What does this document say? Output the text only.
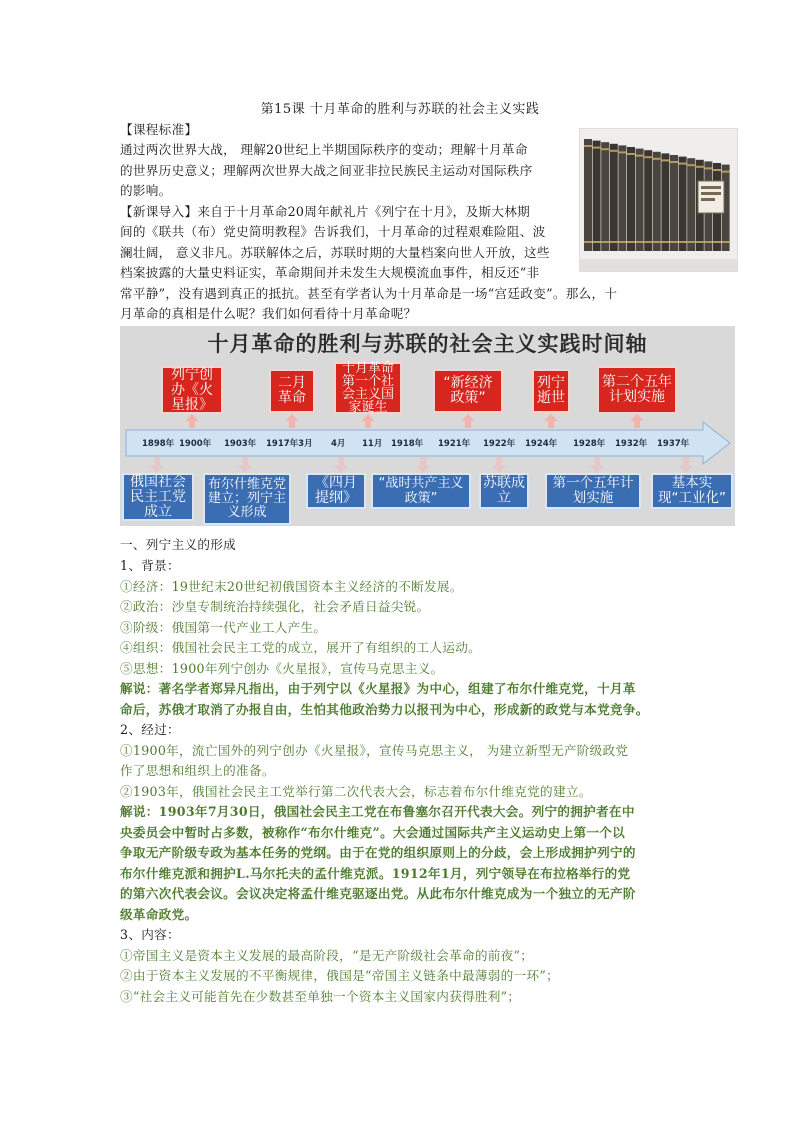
第15课 十月革命的胜利与苏联的社会主义实践
【课程标准】
通过两次世界大战， 理解20世纪上半期国际秩序的变动；理解十月革命
的世界历史意义；理解两次世界大战之间亚非拉民族民主运动对国际秩序
的影响。
【新课导入】来自于十月革命20周年献礼片《列宁在十月》，及斯大林期
间的《联共（布）党史简明教程》告诉我们，十月革命的过程艰难险阻、波
澜壮阔， 意义非凡。苏联解体之后，苏联时期的大量档案向世人开放，这些
档案披露的大量史料证实，革命期间并未发生大规模流血事件，相反还“非
常平静”，没有遇到真正的抵抗。甚至有学者认为十月革命是一场“宫廷政变”。那么，十
月革命的真相是什么呢？我们如何看待十月革命呢？
十月革命的胜利与苏联的社会主义实践时间轴
1898年 1900年 1903年 1917年3月 4月 11月 1918年 1921年 1922年 1924年 1928年 1932年 1937年
列宁创办《火星报》
二月革命
十月革命第一个社会主义国家诞生
“新经济政策”
列宁逝世
第二个五年计划实施
俄国社会民主工党成立
布尔什维克党建立；列宁主义形成
《四月提纲》
“战时共产主义政策”
苏联成立
第一个五年计划实施
基本实现“工业化”
一、列宁主义的形成
1、背景：
①经济：19世纪末20世纪初俄国资本主义经济的不断发展。
②政治：沙皇专制统治持续强化，社会矛盾日益尖锐。
③阶级：俄国第一代产业工人产生。
④组织：俄国社会民主工党的成立，展开了有组织的工人运动。
⑤思想：1900年列宁创办《火星报》，宣传马克思主义。
解说：著名学者郑异凡指出，由于列宁以《火星报》为中心，组建了布尔什维克党，十月革
命后，苏俄才取消了办报自由，生怕其他政治势力以报刊为中心，形成新的政党与本党竞争。
2、经过：
①1900年，流亡国外的列宁创办《火星报》，宣传马克思主义， 为建立新型无产阶级政党
作了思想和组织上的准备。
②1903年，俄国社会民主工党举行第二次代表大会，标志着布尔什维克党的建立。
解说：1903年7月30日，俄国社会民主工党在布鲁塞尔召开代表大会。列宁的拥护者在中
央委员会中暂时占多数，被称作“布尔什维克”。大会通过国际共产主义运动史上第一个以
争取无产阶级专政为基本任务的党纲。由于在党的组织原则上的分歧，会上形成拥护列宁的
布尔什维克派和拥护L.马尔托夫的孟什维克派。1912年1月，列宁领导在布拉格举行的党
的第六次代表会议。会议决定将孟什维克驱逐出党。从此布尔什维克成为一个独立的无产阶
级革命政党。
3、内容：
①帝国主义是资本主义发展的最高阶段，“是无产阶级社会革命的前夜”；
②由于资本主义发展的不平衡规律，俄国是“帝国主义链条中最薄弱的一环”；
③“社会主义可能首先在少数甚至单独一个资本主义国家内获得胜利”；
